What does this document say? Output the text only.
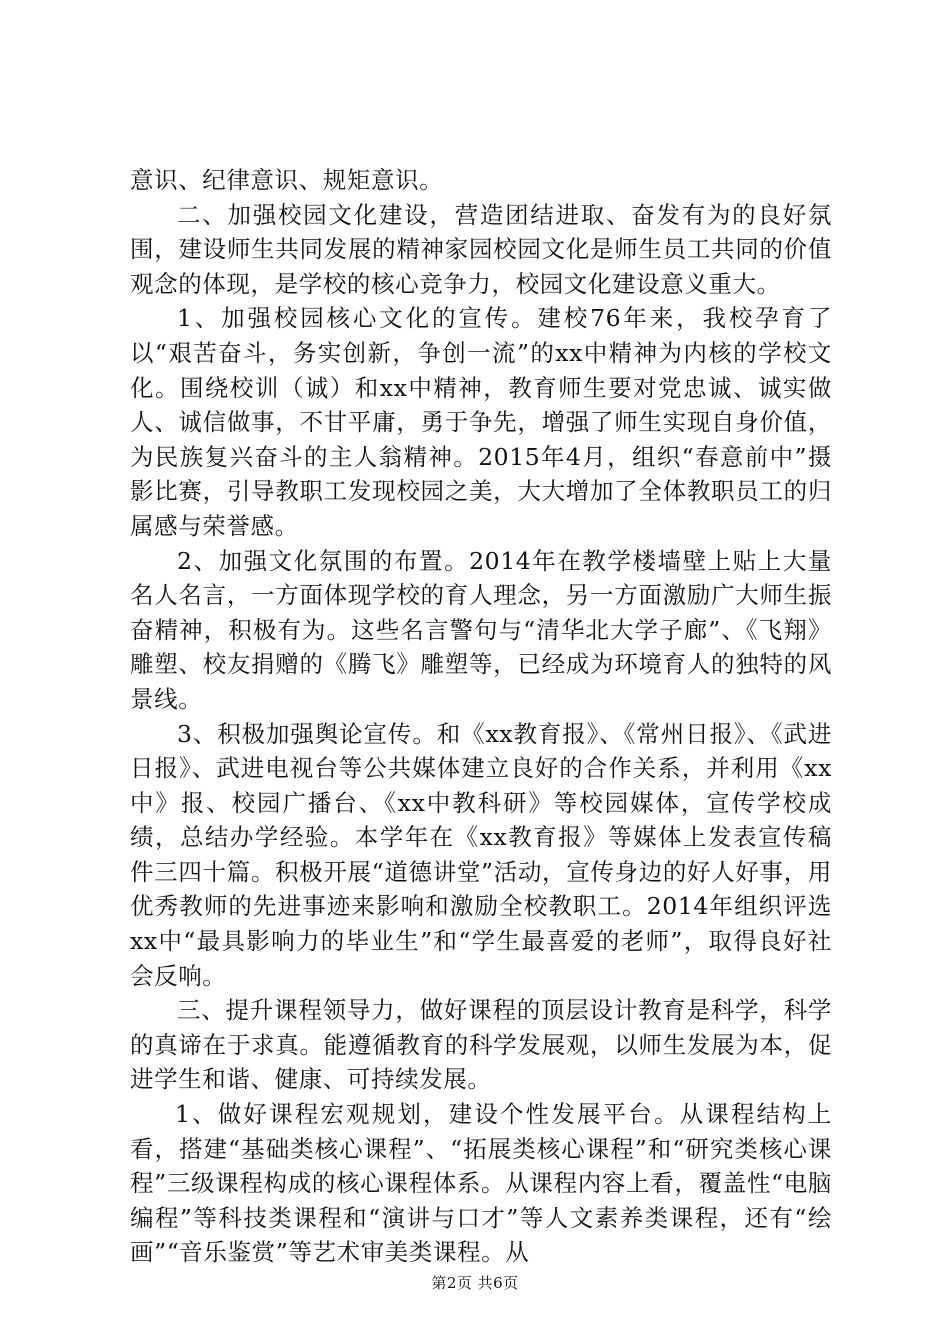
意识、纪律意识、规矩意识。

二、加强校园文化建设，营造团结进取、奋发有为的良好氛围，建设师生共同发展的精神家园校园文化是师生员工共同的价值观念的体现，是学校的核心竞争力，校园文化建设意义重大。

1、加强校园核心文化的宣传。建校76年来，我校孕育了以“艰苦奋斗，务实创新，争创一流”的xx中精神为内核的学校文化。围绕校训（诚）和xx中精神，教育师生要对党忠诚、诚实做人、诚信做事，不甘平庸，勇于争先，增强了师生实现自身价值，为民族复兴奋斗的主人翁精神。2015年4月，组织“春意前中”摄影比赛，引导教职工发现校园之美，大大增加了全体教职员工的归属感与荣誉感。

2、加强文化氛围的布置。2014年在教学楼墙壁上贴上大量名人名言，一方面体现学校的育人理念，另一方面激励广大师生振奋精神，积极有为。这些名言警句与“清华北大学子廊”、《飞翔》雕塑、校友捐赠的《腾飞》雕塑等，已经成为环境育人的独特的风景线。

3、积极加强舆论宣传。和《xx教育报》、《常州日报》、《武进日报》、武进电视台等公共媒体建立良好的合作关系，并利用《xx中》报、校园广播台、《xx中教科研》等校园媒体，宣传学校成绩，总结办学经验。本学年在《xx教育报》等媒体上发表宣传稿件三四十篇。积极开展“道德讲堂”活动，宣传身边的好人好事，用优秀教师的先进事迹来影响和激励全校教职工。2014年组织评选xx中“最具影响力的毕业生”和“学生最喜爱的老师”，取得良好社会反响。

三、提升课程领导力，做好课程的顶层设计教育是科学，科学的真谛在于求真。能遵循教育的科学发展观，以师生发展为本，促进学生和谐、健康、可持续发展。

1、做好课程宏观规划，建设个性发展平台。从课程结构上看，搭建“基础类核心课程”、“拓展类核心课程”和“研究类核心课程”三级课程构成的核心课程体系。从课程内容上看，覆盖性“电脑编程”等科技类课程和“演讲与口才”等人文素养类课程，还有“绘画”“音乐鉴赏”等艺术审美类课程。从

第2页 共6页
